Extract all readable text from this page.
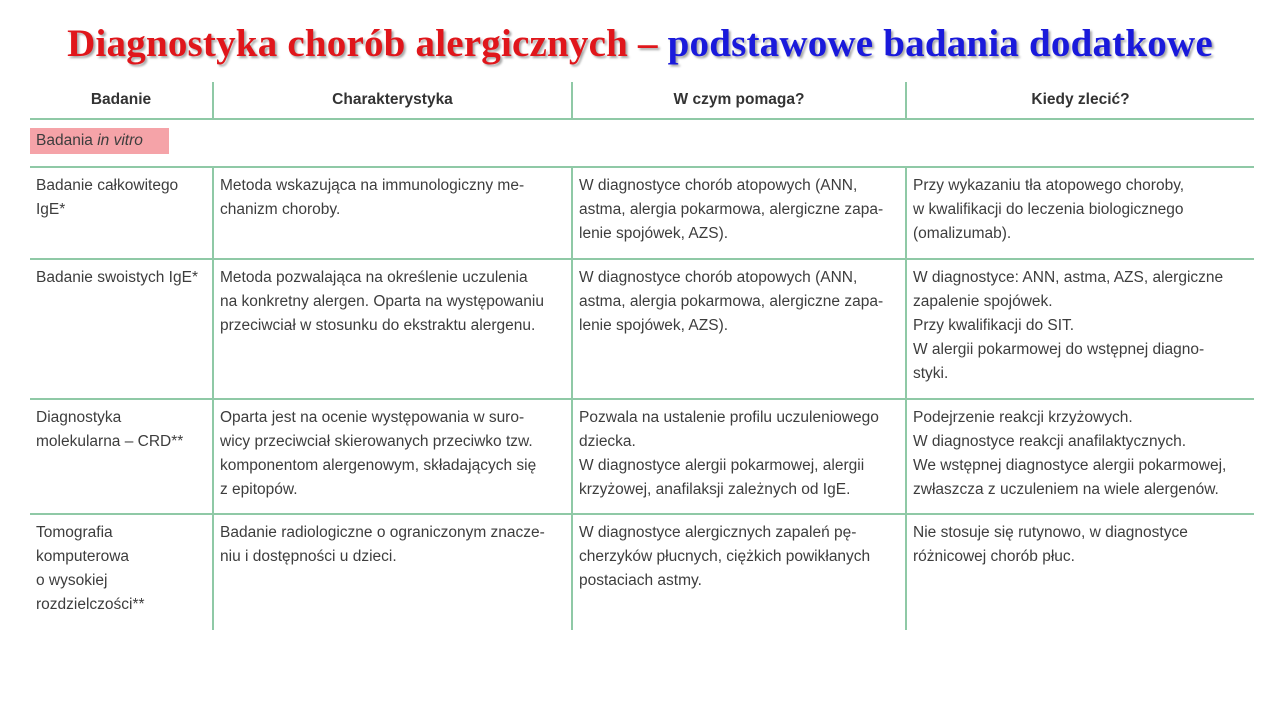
Diagnostyka chorób alergicznych – podstawowe badania dodatkowe
Badanie	Charakterystyka	W czym pomaga?	Kiedy zlecić?
Badania in vitro			

Badanie całkowitego
IgE*	Metoda wskazująca na immunologiczny me-
chanizm choroby.	W diagnostyce chorób atopowych (ANN,
astma, alergia pokarmowa, alergiczne zapa-
lenie spojówek, AZS).	Przy wykazaniu tła atopowego choroby,
w kwalifikacji do leczenia biologicznego
(omalizumab).

Badanie swoistych IgE*	Metoda pozwalająca na określenie uczulenia
na konkretny alergen. Oparta na występowaniu
przeciwciał w stosunku do ekstraktu alergenu.	W diagnostyce chorób atopowych (ANN,
astma, alergia pokarmowa, alergiczne zapa-
lenie spojówek, AZS).	W diagnostyce: ANN, astma, AZS, alergiczne
zapalenie spojówek.
Przy kwalifikacji do SIT.
W alergii pokarmowej do wstępnej diagno-
styki.

Diagnostyka
molekularna – CRD**	Oparta jest na ocenie występowania w suro-
wicy przeciwciał skierowanych przeciwko tzw.
komponentom alergenowym, składających się
z epitopów.	Pozwala na ustalenie profilu uczuleniowego
dziecka.
W diagnostyce alergii pokarmowej, alergii
krzyżowej, anafilaksji zależnych od IgE.	Podejrzenie reakcji krzyżowych.
W diagnostyce reakcji anafilaktycznych.
We wstępnej diagnostyce alergii pokarmowej,
zwłaszcza z uczuleniem na wiele alergenów.

Tomografia
komputerowa
o wysokiej
rozdzielczości**	Badanie radiologiczne o ograniczonym znacze-
niu i dostępności u dzieci.	W diagnostyce alergicznych zapaleń pę-
cherzyków płucnych, ciężkich powikłanych
postaciach astmy.	Nie stosuje się rutynowo, w diagnostyce
różnicowej chorób płuc.
